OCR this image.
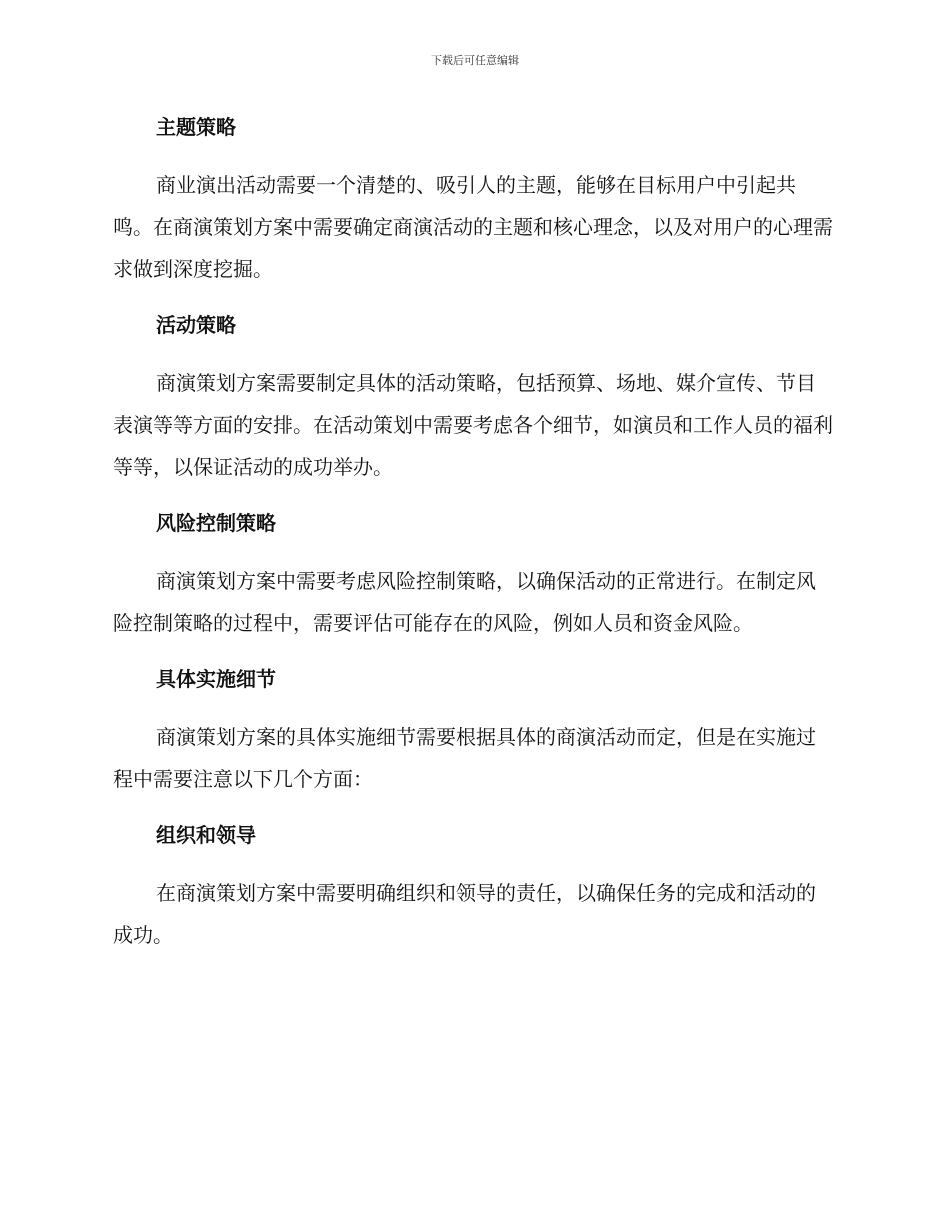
下载后可任意编辑
主题策略

商业演出活动需要一个清楚的、吸引人的主题，能够在目标用户中引起共鸣。在商演策划方案中需要确定商演活动的主题和核心理念，以及对用户的心理需求做到深度挖掘。

活动策略

商演策划方案需要制定具体的活动策略，包括预算、场地、媒介宣传、节目表演等等方面的安排。在活动策划中需要考虑各个细节，如演员和工作人员的福利等等，以保证活动的成功举办。

风险控制策略

商演策划方案中需要考虑风险控制策略，以确保活动的正常进行。在制定风险控制策略的过程中，需要评估可能存在的风险，例如人员和资金风险。

具体实施细节

商演策划方案的具体实施细节需要根据具体的商演活动而定，但是在实施过程中需要注意以下几个方面：

组织和领导

在商演策划方案中需要明确组织和领导的责任，以确保任务的完成和活动的成功。
